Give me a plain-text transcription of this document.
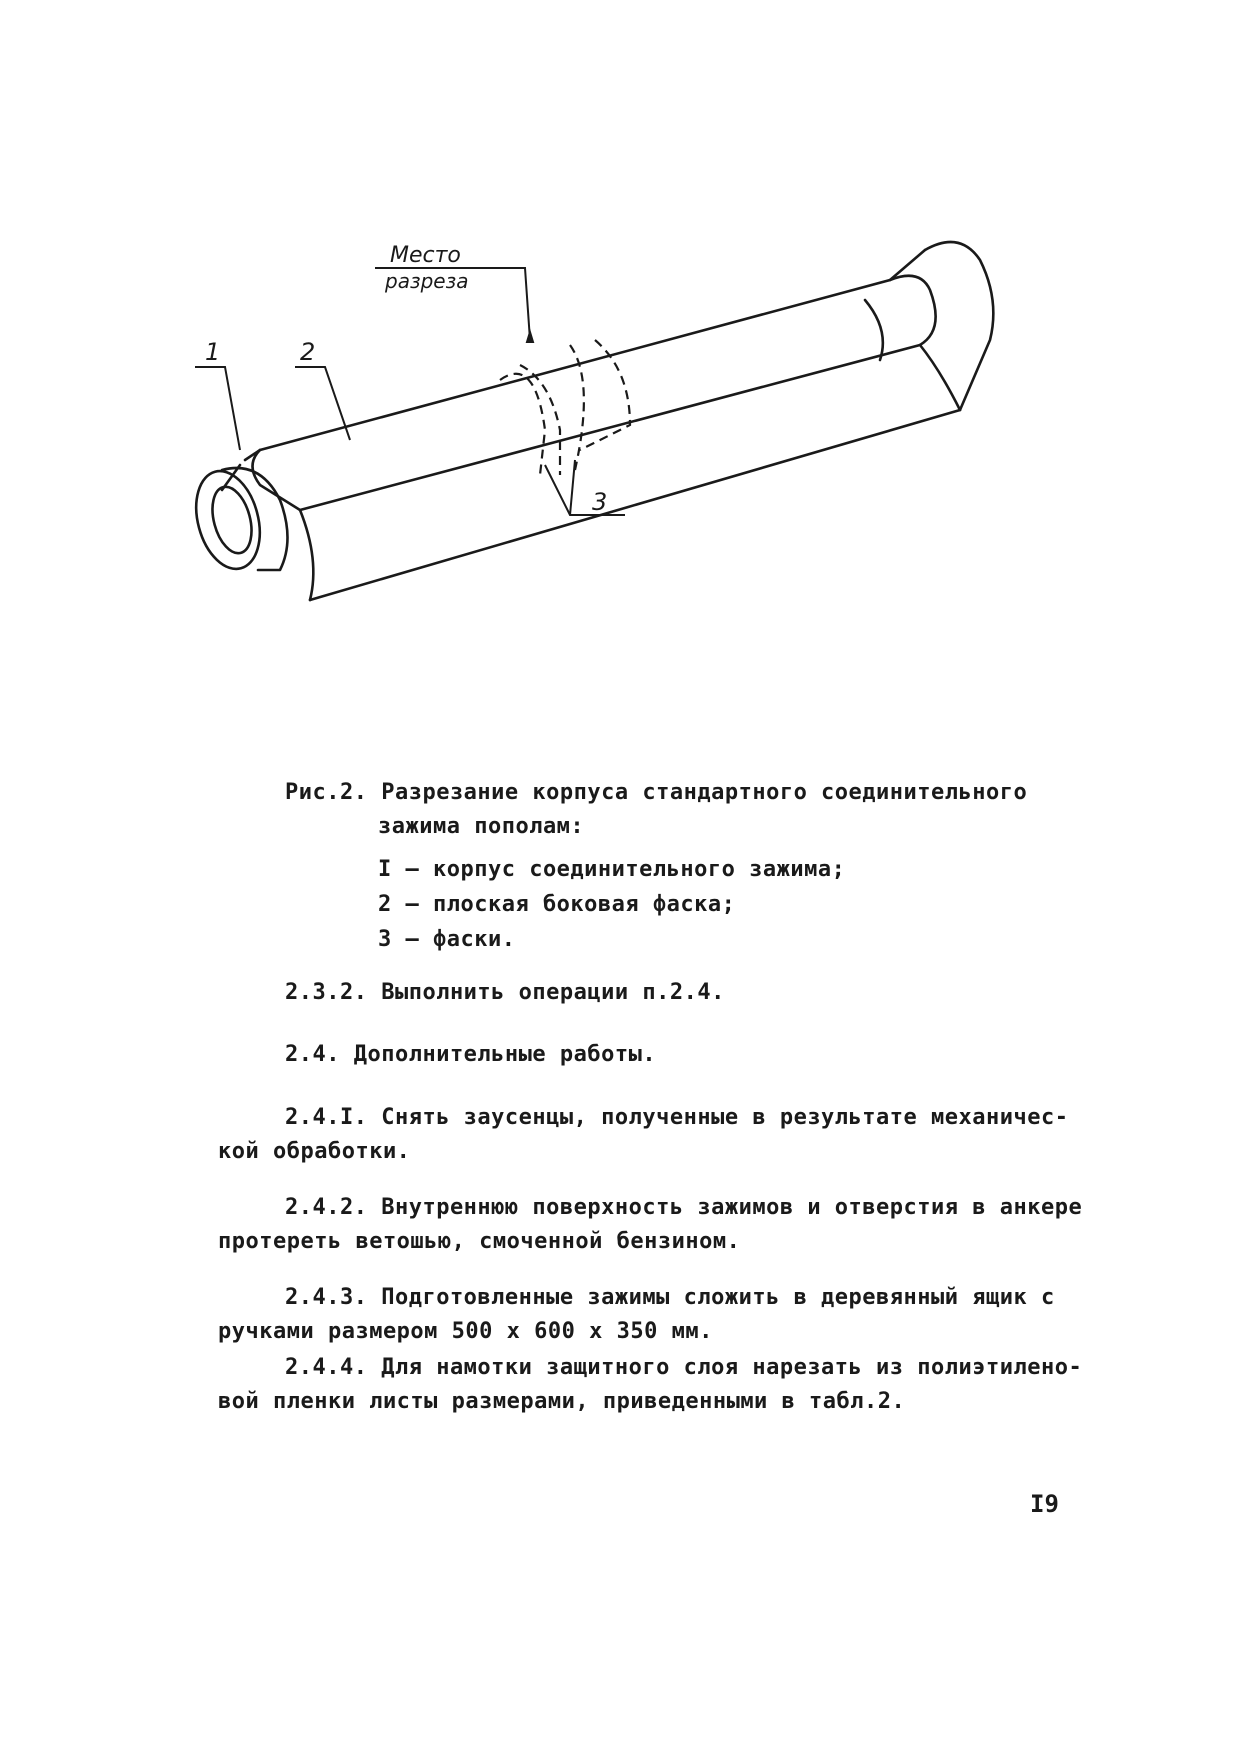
Место
разреза
1	2
3
Рис.2. Разрезание корпуса стандартного соединительного
зажима пополам:
I – корпус соединительного зажима;
2 – плоская боковая фаска;
3 – фаски.
2.3.2. Выполнить операции п.2.4.
2.4. Дополнительные работы.
2.4.I. Снять заусенцы, полученные в результате механичес-
кой обработки.
2.4.2. Внутреннюю поверхность зажимов и отверстия в анкере
протереть ветошью, смоченной бензином.
2.4.3. Подготовленные зажимы сложить в деревянный ящик с
ручками размером 500 х 600 х 350 мм.
2.4.4. Для намотки защитного слоя нарезать из полиэтилено-
вой пленки листы размерами, приведенными в табл.2.
I9
